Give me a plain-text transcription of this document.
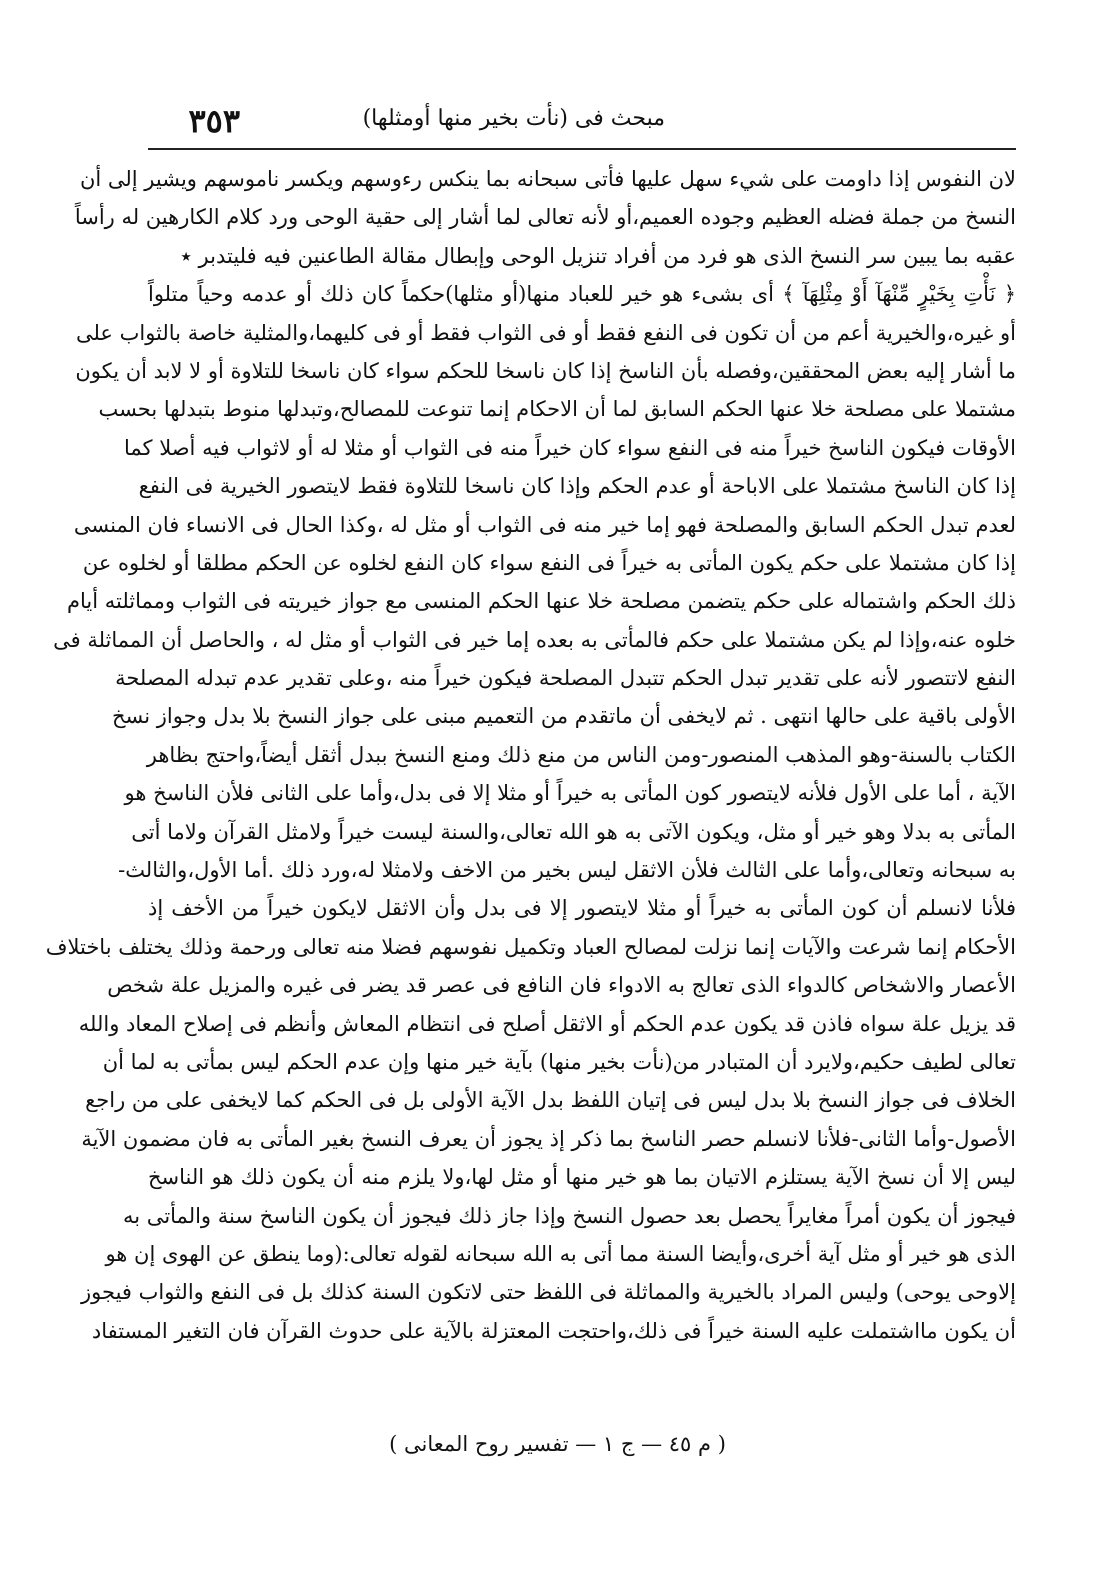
٣٥٣	مبحث فى (نأت بخير منها أومثلها)
لان النفوس إذا داومت على شيء سهل عليها فأتى سبحانه بما ينكس رءوسهم ويكسر ناموسهم ويشير إلى أن
النسخ من جملة فضله العظيم وجوده العميم،أو لأنه تعالى لما أشار إلى حقية الوحى ورد كلام الكارهين له رأساً
عقبه بما يبين سر النسخ الذى هو فرد من أفراد تنزيل الوحى وإبطال مقالة الطاعنين فيه فليتدبر ٭
﴿ نَأْتِ بِخَيْرٍ مِّنْهَآ أَوْ مِثْلِهَآ ﴾ أى بشىء هو خير للعباد منها(أو مثلها)حكماً كان ذلك أو عدمه وحياً متلواً
أو غيره،والخيرية أعم من أن تكون فى النفع فقط أو فى الثواب فقط أو فى كليهما،والمثلية خاصة بالثواب على
ما أشار إليه بعض المحققين،وفصله بأن الناسخ إذا كان ناسخا للحكم سواء كان ناسخا للتلاوة أو لا لابد أن يكون
مشتملا على مصلحة خلا عنها الحكم السابق لما أن الاحكام إنما تنوعت للمصالح،وتبدلها منوط بتبدلها بحسب
الأوقات فيكون الناسخ خيراً منه فى النفع سواء كان خيراً منه فى الثواب أو مثلا له أو لاثواب فيه أصلا كما
إذا كان الناسخ مشتملا على الاباحة أو عدم الحكم وإذا كان ناسخا للتلاوة فقط لايتصور الخيرية فى النفع
لعدم تبدل الحكم السابق والمصلحة فهو إما خير منه فى الثواب أو مثل له ،وكذا الحال فى الانساء فان المنسى
إذا كان مشتملا على حكم يكون المأتى به خيراً فى النفع سواء كان النفع لخلوه عن الحكم مطلقا أو لخلوه عن
ذلك الحكم واشتماله على حكم يتضمن مصلحة خلا عنها الحكم المنسى مع جواز خيريته فى الثواب ومماثلته أيام
خلوه عنه،وإذا لم يكن مشتملا على حكم فالمأتى به بعده إما خير فى الثواب أو مثل له ، والحاصل أن المماثلة فى
النفع لاتتصور لأنه على تقدير تبدل الحكم تتبدل المصلحة فيكون خيراً منه ،وعلى تقدير عدم تبدله المصلحة
الأولى باقية على حالها انتهى . ثم لايخفى أن ماتقدم من التعميم مبنى على جواز النسخ بلا بدل وجواز نسخ
الكتاب بالسنة-وهو المذهب المنصور-ومن الناس من منع ذلك ومنع النسخ ببدل أثقل أيضاً،واحتج بظاهر
الآية ، أما على الأول فلأنه لايتصور كون المأتى به خيراً أو مثلا إلا فى بدل،وأما على الثانى فلأن الناسخ هو
المأتى به بدلا وهو خير أو مثل، ويكون الآتى به هو الله تعالى،والسنة ليست خيراً ولامثل القرآن ولاما أتى
به سبحانه وتعالى،وأما على الثالث فلأن الاثقل ليس بخير من الاخف ولامثلا له،ورد ذلك .أما الأول،والثالث-
فلأنا لانسلم أن كون المأتى به خيراً أو مثلا لايتصور إلا فى بدل وأن الاثقل لايكون خيراً من الأخف إذ
الأحكام إنما شرعت والآيات إنما نزلت لمصالح العباد وتكميل نفوسهم فضلا منه تعالى ورحمة وذلك يختلف باختلاف
الأعصار والاشخاص كالدواء الذى تعالج به الادواء فان النافع فى عصر قد يضر فى غيره والمزيل علة شخص
قد يزيل علة سواه فاذن قد يكون عدم الحكم أو الاثقل أصلح فى انتظام المعاش وأنظم فى إصلاح المعاد والله
تعالى لطيف حكيم،ولايرد أن المتبادر من(نأت بخير منها) بآية خير منها وإن عدم الحكم ليس بمأتى به لما أن
الخلاف فى جواز النسخ بلا بدل ليس فى إتيان اللفظ بدل الآية الأولى بل فى الحكم كما لايخفى على من راجع
الأصول-وأما الثانى-فلأنا لانسلم حصر الناسخ بما ذكر إذ يجوز أن يعرف النسخ بغير المأتى به فان مضمون الآية
ليس إلا أن نسخ الآية يستلزم الاتيان بما هو خير منها أو مثل لها،ولا يلزم منه أن يكون ذلك هو الناسخ
فيجوز أن يكون أمراً مغايراً يحصل بعد حصول النسخ وإذا جاز ذلك فيجوز أن يكون الناسخ سنة والمأتى به
الذى هو خير أو مثل آية أخرى،وأيضا السنة مما أتى به الله سبحانه لقوله تعالى:(وما ينطق عن الهوى إن هو
إلاوحى يوحى) وليس المراد بالخيرية والمماثلة فى اللفظ حتى لاتكون السنة كذلك بل فى النفع والثواب فيجوز
أن يكون مااشتملت عليه السنة خيراً فى ذلك،واحتجت المعتزلة بالآية على حدوث القرآن فان التغير المستفاد
( م ٤٥ — ج ١ — تفسير روح المعانى )
